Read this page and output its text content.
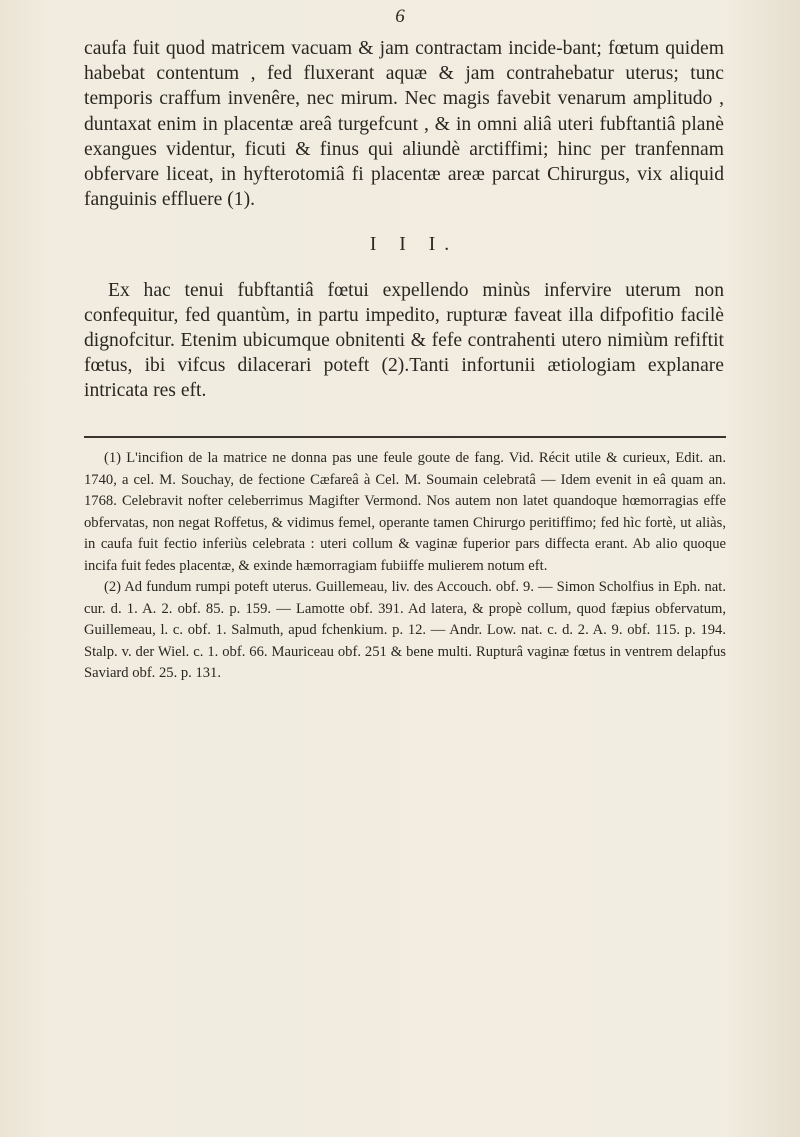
6

caufa fuit quod matricem vacuam & jam contractam incide-bant; fœtum quidem habebat contentum , fed fluxerant aquæ & jam contrahebatur uterus; tunc temporis craffum invenêre, nec mirum. Nec magis favebit venarum amplitudo , duntaxat enim in placentæ areâ turgefcunt , & in omni aliâ uteri fubftantiâ planè exangues videntur, ficuti & finus qui aliundè arctiffimi; hinc per tranfennam obfervare liceat, in hyfterotomiâ fi placentæ areæ parcat Chirurgus, vix aliquid fanguinis effluere (1).

I I I.

Ex hac tenui fubftantiâ fœtui expellendo minùs infervire uterum non confequitur, fed quantùm, in partu impedito, rupturæ faveat illa difpofitio facilè dignofcitur. Etenim ubicumque obnitenti & fefe contrahenti utero nimiùm refiftit fœtus, ibi vifcus dilacerari poteft (2).Tanti infortunii ætiologiam explanare intricata res eft.

(1) L'incifion de la matrice ne donna pas une feule goute de fang. Vid. Récit utile & curieux, Edit. an. 1740, a cel. M. Souchay, de fectione Cæfareâ à Cel. M. Soumain celebratâ — Idem evenit in eâ quam an. 1768. Celebravit nofter celeberrimus Magifter Vermond. Nos autem non latet quandoque hœmorragias effe obfervatas, non negat Roffetus, & vidimus femel, operante tamen Chirurgo peritiffimo; fed hìc fortè, ut aliàs, in caufa fuit fectio inferiùs celebrata : uteri collum & vaginæ fuperior pars diffecta erant. Ab alio quoque incifa fuit fedes placentæ, & exinde hæmorragiam fubiiffe mulierem notum eft.

(2) Ad fundum rumpi poteft uterus. Guillemeau, liv. des Accouch. obf. 9. — Simon Scholfius in Eph. nat. cur. d. 1. A. 2. obf. 85. p. 159. — Lamotte obf. 391. Ad latera, & propè collum, quod fæpius obfervatum, Guillemeau, l. c. obf. 1. Salmuth, apud fchenkium. p. 12. — Andr. Low. nat. c. d. 2. A. 9. obf. 115. p. 194. Stalp. v. der Wiel. c. 1. obf. 66. Mauriceau obf. 251 & bene multi. Rupturâ vaginæ fœtus in ventrem delapfus Saviard obf. 25. p. 131.
